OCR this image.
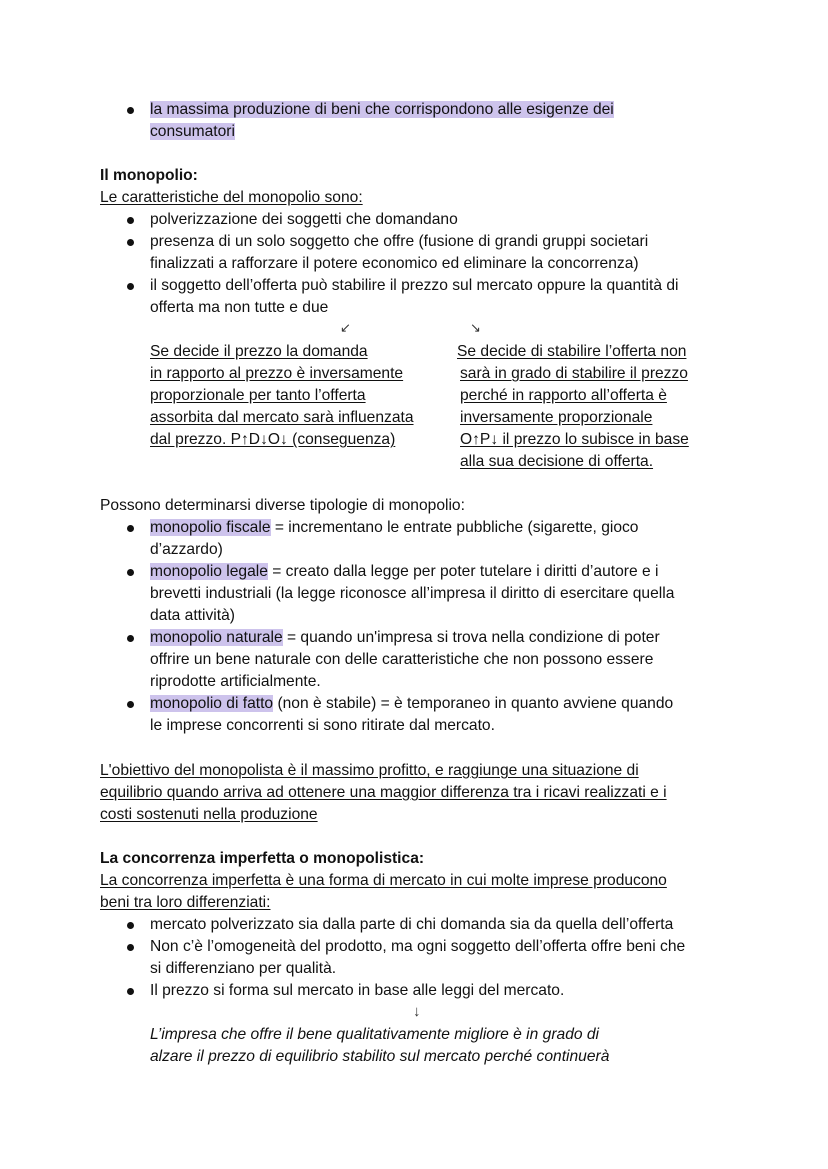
la massima produzione di beni che corrispondono alle esigenze dei
consumatori
Il monopolio:
Le caratteristiche del monopolio sono:
polverizzazione dei soggetti che domandano
presenza di un solo soggetto che offre (fusione di grandi gruppi societari
finalizzati a rafforzare il potere economico ed eliminare la concorrenza)
il soggetto dell’offerta può stabilire il prezzo sul mercato oppure la quantità di
offerta ma non tutte e due
↙	↘
Se decide il prezzo la domanda
in rapporto al prezzo è inversamente
proporzionale per tanto l’offerta
assorbita dal mercato sarà influenzata
dal prezzo. P↑D↓O↓ (conseguenza)
Se decide di stabilire l’offerta non
sarà in grado di stabilire il prezzo
perché in rapporto all’offerta è
inversamente proporzionale
O↑P↓ il prezzo lo subisce in base
alla sua decisione di offerta.
Possono determinarsi diverse tipologie di monopolio:
monopolio fiscale = incrementano le entrate pubbliche (sigarette, gioco
d’azzardo)
monopolio legale = creato dalla legge per poter tutelare i diritti d’autore e i
brevetti industriali (la legge riconosce all’impresa il diritto di esercitare quella
data attività)
monopolio naturale = quando un'impresa si trova nella condizione di poter
offrire un bene naturale con delle caratteristiche che non possono essere
riprodotte artificialmente.
monopolio di fatto (non è stabile) = è temporaneo in quanto avviene quando
le imprese concorrenti si sono ritirate dal mercato.
L'obiettivo del monopolista è il massimo profitto, e raggiunge una situazione di
equilibrio quando arriva ad ottenere una maggior differenza tra i ricavi realizzati e i
costi sostenuti nella produzione
La concorrenza imperfetta o monopolistica:
La concorrenza imperfetta è una forma di mercato in cui molte imprese producono
beni tra loro differenziati:
mercato polverizzato sia dalla parte di chi domanda sia da quella dell’offerta
Non c’è l’omogeneità del prodotto, ma ogni soggetto dell’offerta offre beni che
si differenziano per qualità.
Il prezzo si forma sul mercato in base alle leggi del mercato.
↓
L’impresa che offre il bene qualitativamente migliore è in grado di
alzare il prezzo di equilibrio stabilito sul mercato perché continuerà
